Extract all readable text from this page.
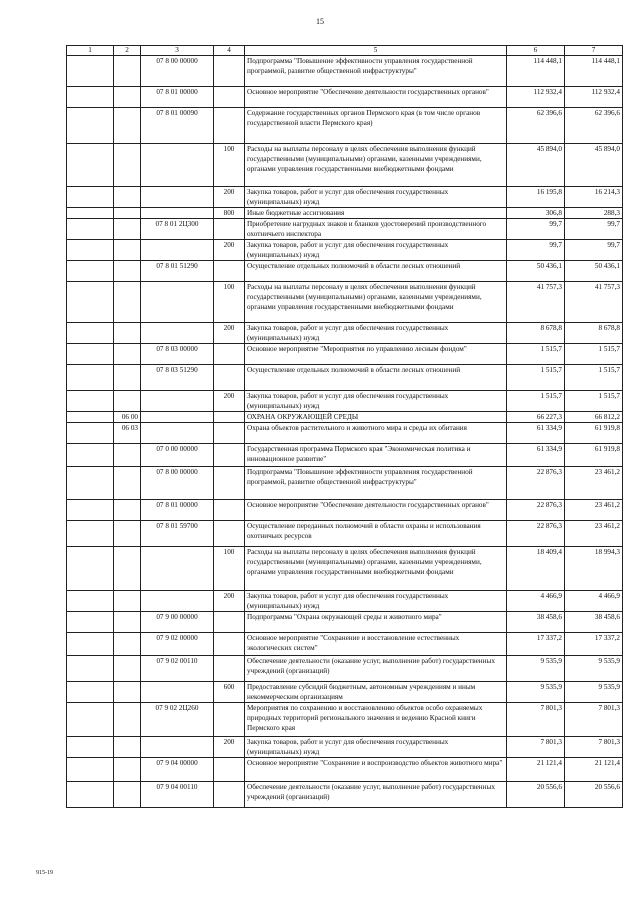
15
1	2	3	4	5	6	7
		07 8 00 00000		Подпрограмма "Повышение эффективности управления государственной программой, развитие общественной инфраструктуры"	114 448,1	114 448,1
		07 8 01 00000		Основное мероприятие "Обеспечение деятельности государственных органов"	112 932,4	112 932,4
		07 8 01 00090		Содержание государственных органов Пермского края (в том числе органов государственной власти Пермского края)	62 396,6	62 396,6
			100	Расходы на выплаты персоналу в целях обеспечения выполнения функций государственными (муниципальными) органами, казенными учреждениями, органами управления государственными внебюджетными фондами	45 894,0	45 894,0
			200	Закупка товаров, работ и услуг для обеспечения государственных (муниципальных) нужд	16 195,8	16 214,3
			800	Иные бюджетные ассигнования	306,8	288,3
		07 8 01 2Ц300		Приобретение нагрудных знаков и бланков удостоверений производственного охотничьего инспектора	99,7	99,7
			200	Закупка товаров, работ и услуг для обеспечения государственных (муниципальных) нужд	99,7	99,7
		07 8 01 51290		Осуществление отдельных полномочий в области лесных отношений	50 436,1	50 436,1
			100	Расходы на выплаты персоналу в целях обеспечения выполнения функций государственными (муниципальными) органами, казенными учреждениями, органами управления государственными внебюджетными фондами	41 757,3	41 757,3
			200	Закупка товаров, работ и услуг для обеспечения государственных (муниципальных) нужд	8 678,8	8 678,8
		07 8 03 00000		Основное мероприятие "Мероприятия по управлению лесным фондом"	1 515,7	1 515,7
		07 8 03 51290		Осуществление отдельных полномочий в области лесных отношений	1 515,7	1 515,7
			200	Закупка товаров, работ и услуг для обеспечения государственных (муниципальных) нужд	1 515,7	1 515,7
	06 00			ОХРАНА ОКРУЖАЮЩЕЙ СРЕДЫ	66 227,3	66 812,2
	06 03			Охрана объектов растительного и животного мира и среды их обитания	61 334,9	61 919,8
		07 0 00 00000		Государственная программа Пермского края "Экономическая политика и инновационное развитие"	61 334,9	61 919,8
		07 8 00 00000		Подпрограмма "Повышение эффективности управления государственной программой, развитие общественной инфраструктуры"	22 876,3	23 461,2
		07 8 01 00000		Основное мероприятие "Обеспечение деятельности государственных органов"	22 876,3	23 461,2
		07 8 01 59700		Осуществление переданных полномочий в области охраны и использования охотничьих ресурсов	22 876,3	23 461,2
			100	Расходы на выплаты персоналу в целях обеспечения выполнения функций государственными (муниципальными) органами, казенными учреждениями, органами управления государственными внебюджетными фондами	18 409,4	18 994,3
			200	Закупка товаров, работ и услуг для обеспечения государственных (муниципальных) нужд	4 466,9	4 466,9
		07 9 00 00000		Подпрограмма "Охрана окружающей среды и животного мира"	38 458,6	38 458,6
		07 9 02 00000		Основное мероприятие "Сохранение и восстановление естественных экологических систем"	17 337,2	17 337,2
		07 9 02 00110		Обеспечение деятельности (оказание услуг, выполнение работ) государственных учреждений (организаций)	9 535,9	9 535,9
			600	Предоставление субсидий бюджетным, автономным учреждениям и иным некоммерческим организациям	9 535,9	9 535,9
		07 9 02 2Ц260		Мероприятия по сохранению и восстановлению объектов особо охраняемых природных территорий регионального значения и ведению Красной книги Пермского края	7 801,3	7 801,3
			200	Закупка товаров, работ и услуг для обеспечения государственных (муниципальных) нужд	7 801,3	7 801,3
		07 9 04 00000		Основное мероприятие "Сохранение и воспроизводство объектов животного мира"	21 121,4	21 121,4
		07 9 04 00110		Обеспечение деятельности (оказание услуг, выполнение работ) государственных учреждений (организаций)	20 556,6	20 556,6
915-19
